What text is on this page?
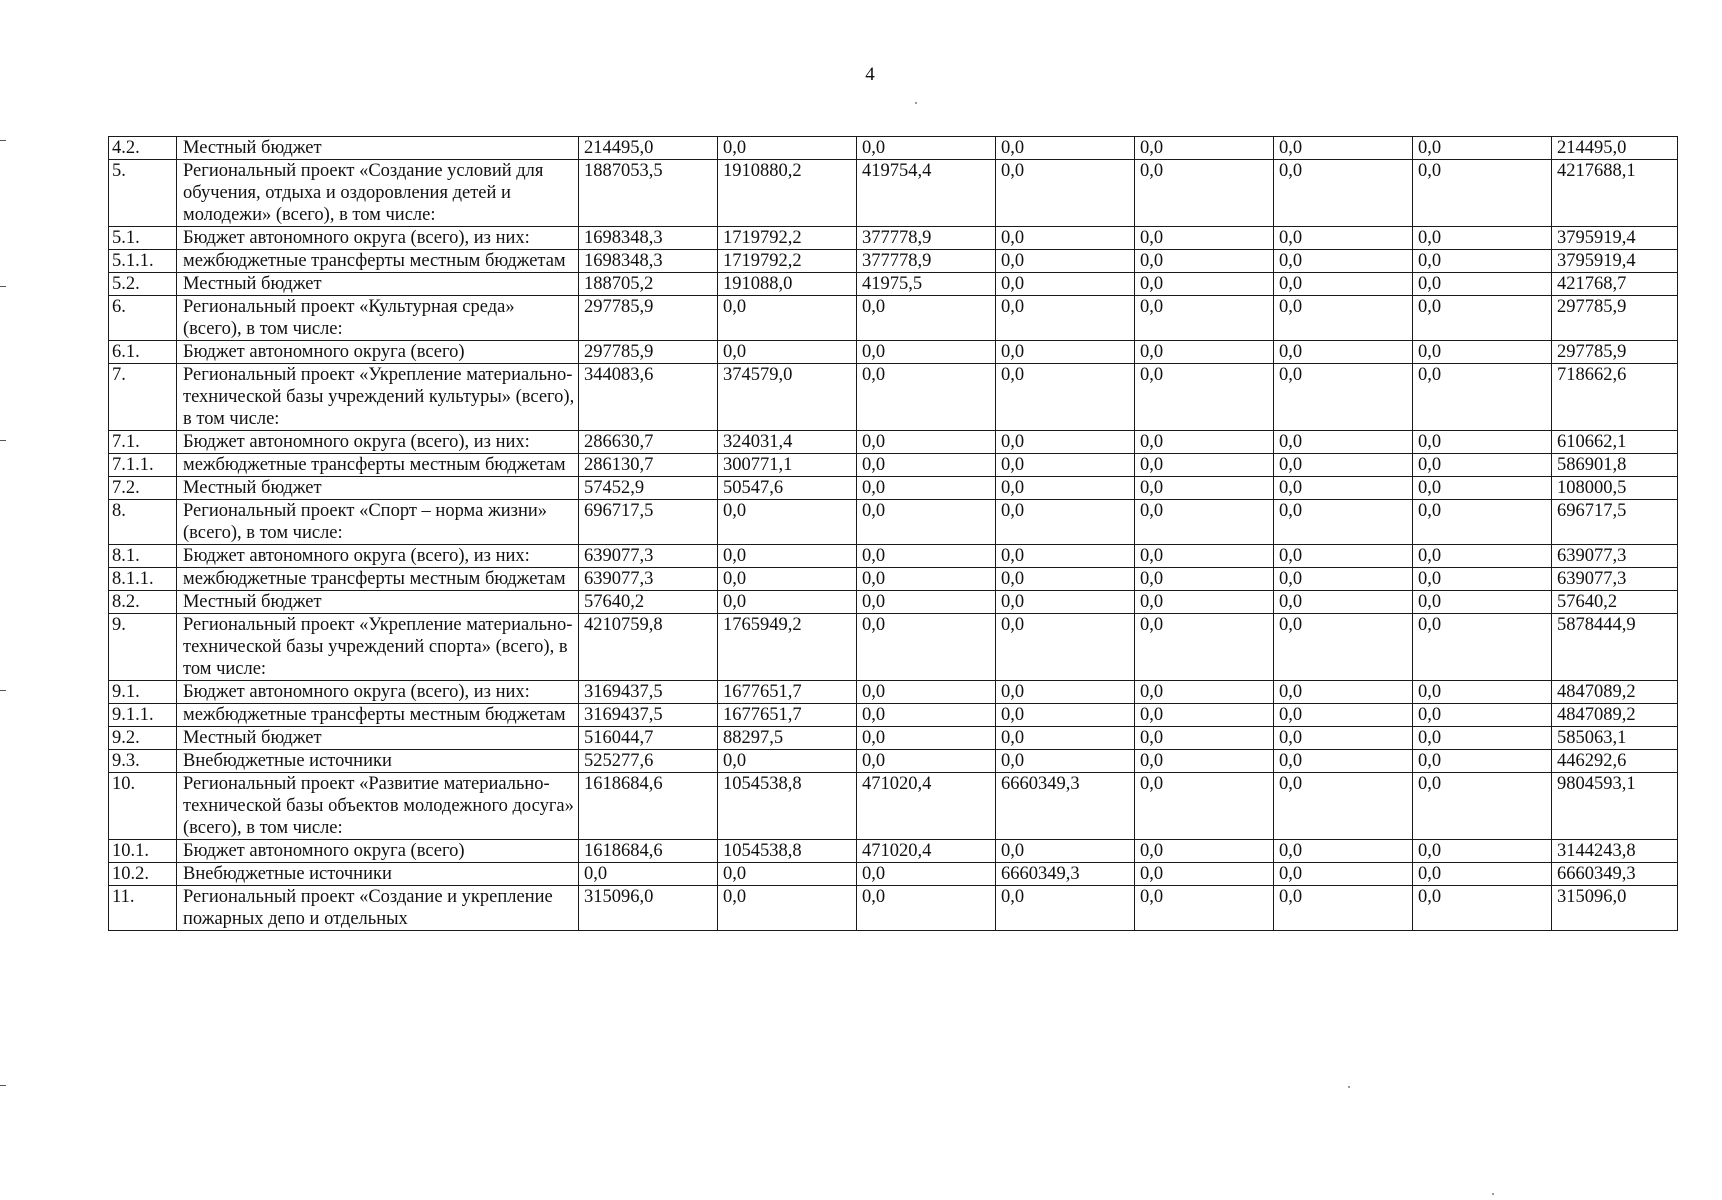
4
4.2.	Местный бюджет	214495,0	0,0	0,0	0,0	0,0	0,0	0,0	214495,0
5.	Региональный проект «Создание условий для обучения, отдыха и оздоровления детей и молодежи» (всего), в том числе:	1887053,5	1910880,2	419754,4	0,0	0,0	0,0	0,0	4217688,1
5.1.	Бюджет автономного округа (всего), из них:	1698348,3	1719792,2	377778,9	0,0	0,0	0,0	0,0	3795919,4
5.1.1.	межбюджетные трансферты местным бюджетам	1698348,3	1719792,2	377778,9	0,0	0,0	0,0	0,0	3795919,4
5.2.	Местный бюджет	188705,2	191088,0	41975,5	0,0	0,0	0,0	0,0	421768,7
6.	Региональный проект «Культурная среда» (всего), в том числе:	297785,9	0,0	0,0	0,0	0,0	0,0	0,0	297785,9
6.1.	Бюджет автономного округа (всего)	297785,9	0,0	0,0	0,0	0,0	0,0	0,0	297785,9
7.	Региональный проект «Укрепление материально-технической базы учреждений культуры» (всего), в том числе:	344083,6	374579,0	0,0	0,0	0,0	0,0	0,0	718662,6
7.1.	Бюджет автономного округа (всего), из них:	286630,7	324031,4	0,0	0,0	0,0	0,0	0,0	610662,1
7.1.1.	межбюджетные трансферты местным бюджетам	286130,7	300771,1	0,0	0,0	0,0	0,0	0,0	586901,8
7.2.	Местный бюджет	57452,9	50547,6	0,0	0,0	0,0	0,0	0,0	108000,5
8.	Региональный проект «Спорт – норма жизни» (всего), в том числе:	696717,5	0,0	0,0	0,0	0,0	0,0	0,0	696717,5
8.1.	Бюджет автономного округа (всего), из них:	639077,3	0,0	0,0	0,0	0,0	0,0	0,0	639077,3
8.1.1.	межбюджетные трансферты местным бюджетам	639077,3	0,0	0,0	0,0	0,0	0,0	0,0	639077,3
8.2.	Местный бюджет	57640,2	0,0	0,0	0,0	0,0	0,0	0,0	57640,2
9.	Региональный проект «Укрепление материально-технической базы учреждений спорта» (всего), в том числе:	4210759,8	1765949,2	0,0	0,0	0,0	0,0	0,0	5878444,9
9.1.	Бюджет автономного округа (всего), из них:	3169437,5	1677651,7	0,0	0,0	0,0	0,0	0,0	4847089,2
9.1.1.	межбюджетные трансферты местным бюджетам	3169437,5	1677651,7	0,0	0,0	0,0	0,0	0,0	4847089,2
9.2.	Местный бюджет	516044,7	88297,5	0,0	0,0	0,0	0,0	0,0	585063,1
9.3.	Внебюджетные источники	525277,6	0,0	0,0	0,0	0,0	0,0	0,0	446292,6
10.	Региональный проект «Развитие материально-технической базы объектов молодежного досуга» (всего), в том числе:	1618684,6	1054538,8	471020,4	6660349,3	0,0	0,0	0,0	9804593,1
10.1.	Бюджет автономного округа (всего)	1618684,6	1054538,8	471020,4	0,0	0,0	0,0	0,0	3144243,8
10.2.	Внебюджетные источники	0,0	0,0	0,0	6660349,3	0,0	0,0	0,0	6660349,3
11.	Региональный проект «Создание и укрепление пожарных депо и отдельных	315096,0	0,0	0,0	0,0	0,0	0,0	0,0	315096,0
